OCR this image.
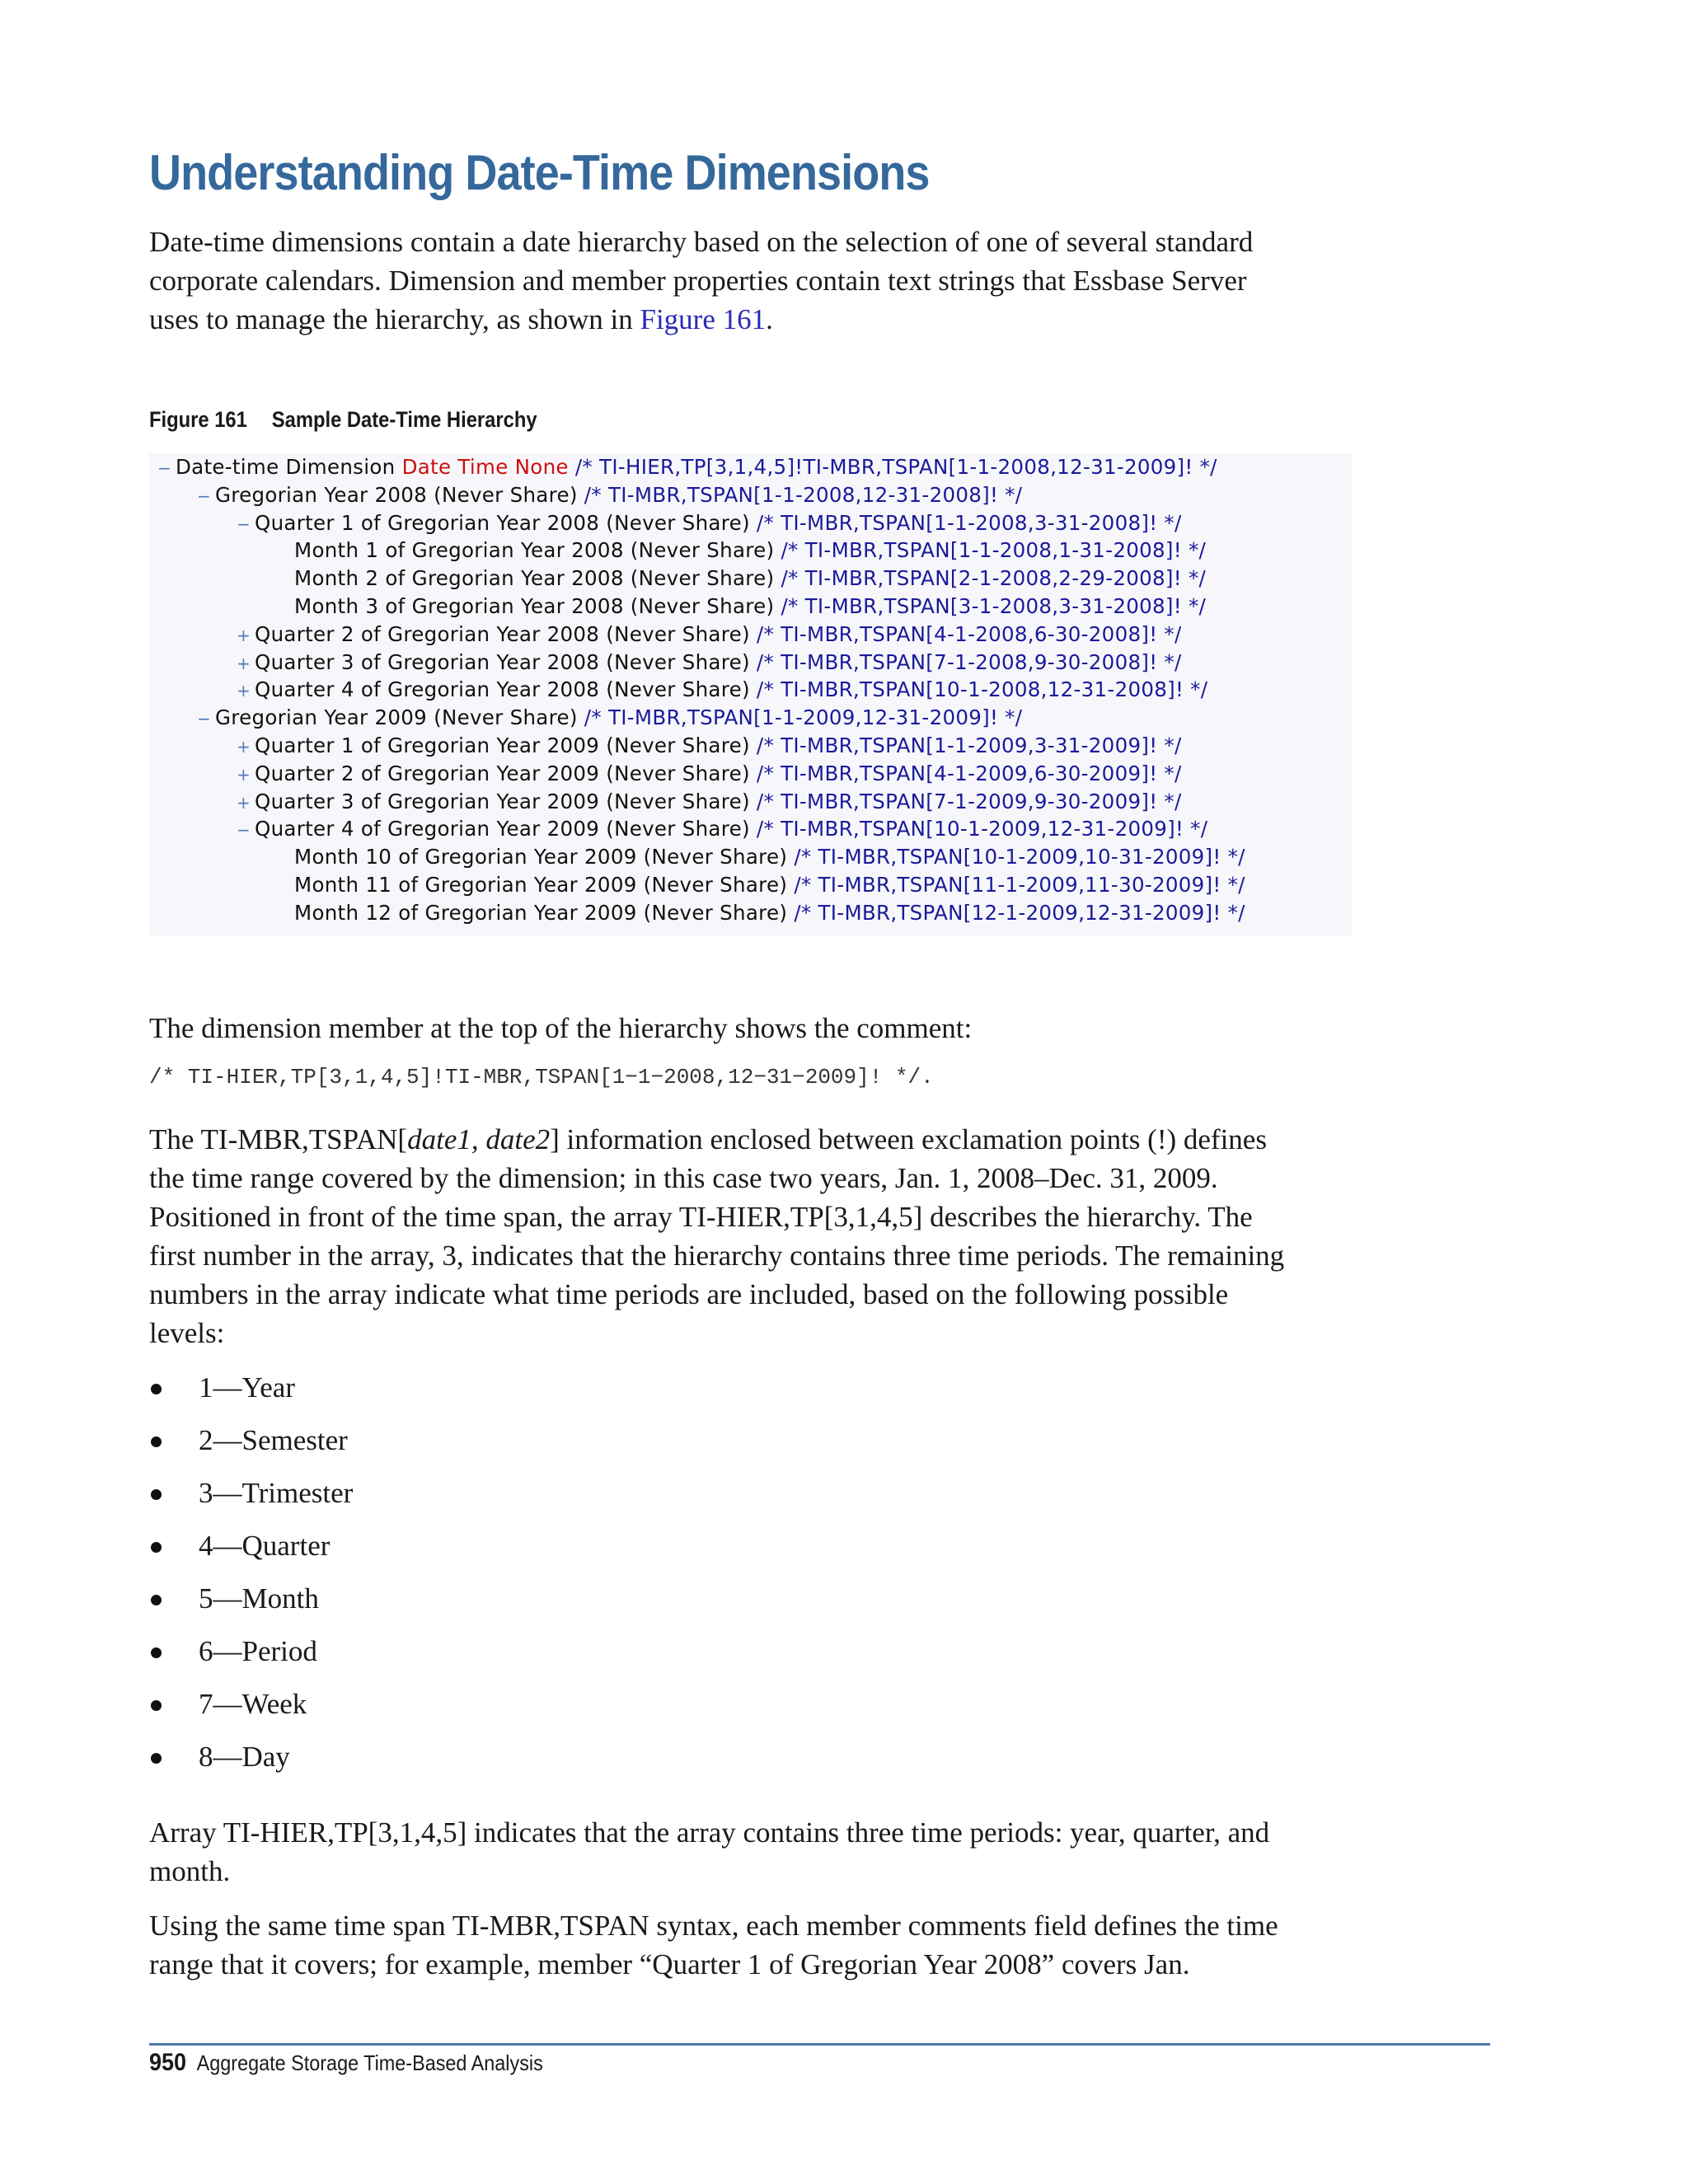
Understanding Date-Time Dimensions

Date-time dimensions contain a date hierarchy based on the selection of one of several standard corporate calendars. Dimension and member properties contain text strings that Essbase Server uses to manage the hierarchy, as shown in Figure 161.

Figure 161 Sample Date-Time Hierarchy
− Date-time Dimension Date Time None /* TI-HIER,TP[3,1,4,5]!TI-MBR,TSPAN[1-1-2008,12-31-2009]! */
− Gregorian Year 2008 (Never Share) /* TI-MBR,TSPAN[1-1-2008,12-31-2008]! */
− Quarter 1 of Gregorian Year 2008 (Never Share) /* TI-MBR,TSPAN[1-1-2008,3-31-2008]! */
Month 1 of Gregorian Year 2008 (Never Share) /* TI-MBR,TSPAN[1-1-2008,1-31-2008]! */
Month 2 of Gregorian Year 2008 (Never Share) /* TI-MBR,TSPAN[2-1-2008,2-29-2008]! */
Month 3 of Gregorian Year 2008 (Never Share) /* TI-MBR,TSPAN[3-1-2008,3-31-2008]! */
+ Quarter 2 of Gregorian Year 2008 (Never Share) /* TI-MBR,TSPAN[4-1-2008,6-30-2008]! */
+ Quarter 3 of Gregorian Year 2008 (Never Share) /* TI-MBR,TSPAN[7-1-2008,9-30-2008]! */
+ Quarter 4 of Gregorian Year 2008 (Never Share) /* TI-MBR,TSPAN[10-1-2008,12-31-2008]! */
− Gregorian Year 2009 (Never Share) /* TI-MBR,TSPAN[1-1-2009,12-31-2009]! */
+ Quarter 1 of Gregorian Year 2009 (Never Share) /* TI-MBR,TSPAN[1-1-2009,3-31-2009]! */
+ Quarter 2 of Gregorian Year 2009 (Never Share) /* TI-MBR,TSPAN[4-1-2009,6-30-2009]! */
+ Quarter 3 of Gregorian Year 2009 (Never Share) /* TI-MBR,TSPAN[7-1-2009,9-30-2009]! */
− Quarter 4 of Gregorian Year 2009 (Never Share) /* TI-MBR,TSPAN[10-1-2009,12-31-2009]! */
Month 10 of Gregorian Year 2009 (Never Share) /* TI-MBR,TSPAN[10-1-2009,10-31-2009]! */
Month 11 of Gregorian Year 2009 (Never Share) /* TI-MBR,TSPAN[11-1-2009,11-30-2009]! */
Month 12 of Gregorian Year 2009 (Never Share) /* TI-MBR,TSPAN[12-1-2009,12-31-2009]! */

The dimension member at the top of the hierarchy shows the comment:

/* TI-HIER,TP[3,1,4,5]!TI-MBR,TSPAN[1−1−2008,12−31−2009]! */.

The TI-MBR,TSPAN[date1, date2] information enclosed between exclamation points (!) defines the time range covered by the dimension; in this case two years, Jan. 1, 2008–Dec. 31, 2009. Positioned in front of the time span, the array TI-HIER,TP[3,1,4,5] describes the hierarchy. The first number in the array, 3, indicates that the hierarchy contains three time periods. The remaining numbers in the array indicate what time periods are included, based on the following possible levels:

1—Year
2—Semester
3—Trimester
4—Quarter
5—Month
6—Period
7—Week
8—Day

Array TI-HIER,TP[3,1,4,5] indicates that the array contains three time periods: year, quarter, and month.

Using the same time span TI-MBR,TSPAN syntax, each member comments field defines the time range that it covers; for example, member “Quarter 1 of Gregorian Year 2008” covers Jan.

950 Aggregate Storage Time-Based Analysis
